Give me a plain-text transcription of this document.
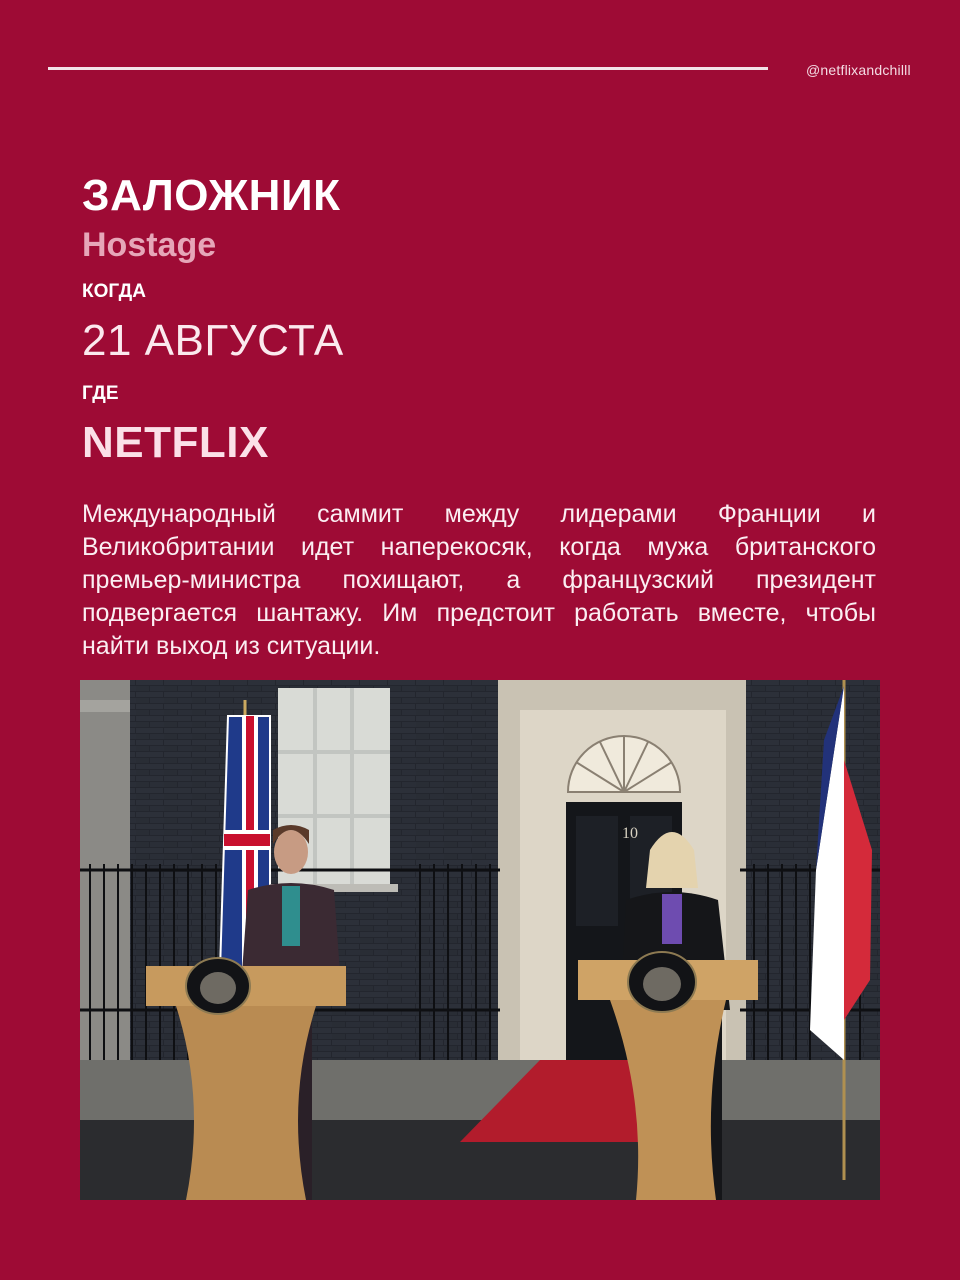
@netflixandchilll
ЗАЛОЖНИК
Hostage
КОГДА
21 АВГУСТА
ГДЕ
NETFLIX

Международный саммит между лидерами Франции и Великобритании идет наперекосяк, когда мужа британского премьер-министра похищают, а французский президент подвергается шантажу. Им предстоит работать вместе, чтобы найти выход из ситуации.

10
